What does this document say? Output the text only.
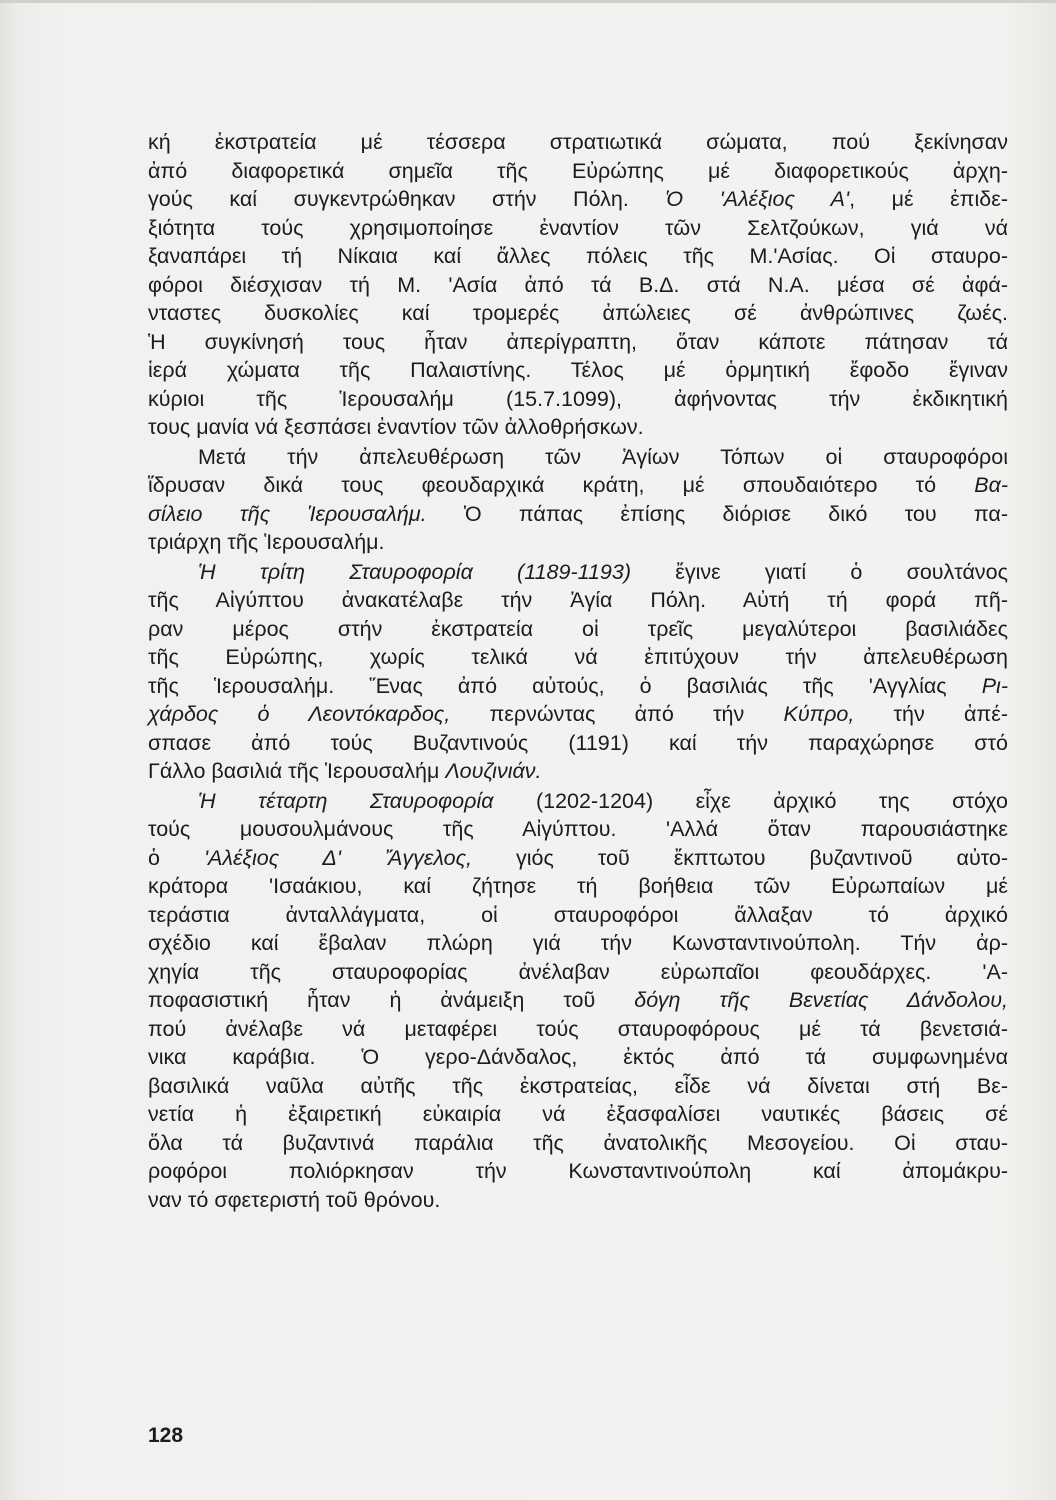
κή ἐκστρατεία μέ τέσσερα στρατιωτικά σώματα, πού ξεκίνησαν
ἀπό διαφορετικά σημεῖα τῆς Εὐρώπης μέ διαφορετικούς ἀρχη-
γούς καί συγκεντρώθηκαν στήν Πόλη. Ὁ 'Αλέξιος Α', μέ ἐπιδε-
ξιότητα τούς χρησιμοποίησε ἐναντίον τῶν Σελτζούκων, γιά νά
ξαναπάρει τή Νίκαια καί ἄλλες πόλεις τῆς Μ.'Ασίας. Οἱ σταυρο-
φόροι διέσχισαν τή Μ. 'Ασία ἀπό τά Β.Δ. στά Ν.Α. μέσα σέ ἀφά-
νταστες δυσκολίες καί τρομερές ἀπώλειες σέ ἀνθρώπινες ζωές.
Ἡ συγκίνησή τους ἦταν ἀπερίγραπτη, ὅταν κάποτε πάτησαν τά
ἱερά χώματα τῆς Παλαιστίνης. Τέλος μέ ὁρμητική ἔφοδο ἔγιναν
κύριοι τῆς Ἱερουσαλήμ (15.7.1099), ἀφήνοντας τήν ἐκδικητική
τους μανία νά ξεσπάσει ἐναντίον τῶν ἀλλοθρήσκων.

Μετά τήν ἀπελευθέρωση τῶν Ἁγίων Τόπων οἱ σταυροφόροι
ἵδρυσαν δικά τους φεουδαρχικά κράτη, μέ σπουδαιότερο τό Βα-
σίλειο τῆς Ἱερουσαλήμ. Ὁ πάπας ἐπίσης διόρισε δικό του πα-
τριάρχη τῆς Ἱερουσαλήμ.

Ἡ τρίτη Σταυροφορία (1189-1193) ἔγινε γιατί ὁ σουλτάνος
τῆς Αἰγύπτου ἀνακατέλαβε τήν Ἁγία Πόλη. Αὐτή τή φορά πῆ-
ραν μέρος στήν ἐκστρατεία οἱ τρεῖς μεγαλύτεροι βασιλιάδες
τῆς Εὐρώπης, χωρίς τελικά νά ἐπιτύχουν τήν ἀπελευθέρωση
τῆς Ἱερουσαλήμ. Ἕνας ἀπό αὐτούς, ὁ βασιλιάς τῆς 'Αγγλίας Ρι-
χάρδος ὁ Λεοντόκαρδος, περνώντας ἀπό τήν Κύπρο, τήν ἀπέ-
σπασε ἀπό τούς Βυζαντινούς (1191) καί τήν παραχώρησε στό
Γάλλο βασιλιά τῆς Ἱερουσαλήμ Λουζινιάν.

Ἡ τέταρτη Σταυροφορία (1202-1204) εἶχε ἀρχικό της στόχο
τούς μουσουλμάνους τῆς Αἰγύπτου. 'Αλλά ὅταν παρουσιάστηκε
ὁ 'Αλέξιος Δ' Ἄγγελος, γιός τοῦ ἔκπτωτου βυζαντινοῦ αὐτο-
κράτορα 'Ισαάκιου, καί ζήτησε τή βοήθεια τῶν Εὐρωπαίων μέ
τεράστια ἀνταλλάγματα, οἱ σταυροφόροι ἄλλαξαν τό ἀρχικό
σχέδιο καί ἔβαλαν πλώρη γιά τήν Κωνσταντινούπολη. Τήν ἀρ-
χηγία τῆς σταυροφορίας ἀνέλαβαν εὐρωπαῖοι φεουδάρχες. 'Α-
ποφασιστική ἦταν ἡ ἀνάμειξη τοῦ δόγη τῆς Βενετίας Δάνδολου,
πού ἀνέλαβε νά μεταφέρει τούς σταυροφόρους μέ τά βενετσιά-
νικα καράβια. Ὁ γερο-Δάνδαλος, ἐκτός ἀπό τά συμφωνημένα
βασιλικά ναῦλα αὐτῆς τῆς ἐκστρατείας, εἶδε νά δίνεται στή Βε-
νετία ἡ ἐξαιρετική εὐκαιρία νά ἐξασφαλίσει ναυτικές βάσεις σέ
ὅλα τά βυζαντινά παράλια τῆς ἀνατολικῆς Μεσογείου. Οἱ σταυ-
ροφόροι πολιόρκησαν τήν Κωνσταντινούπολη καί ἀπομάκρυ-
ναν τό σφετεριστή τοῦ θρόνου.

128
